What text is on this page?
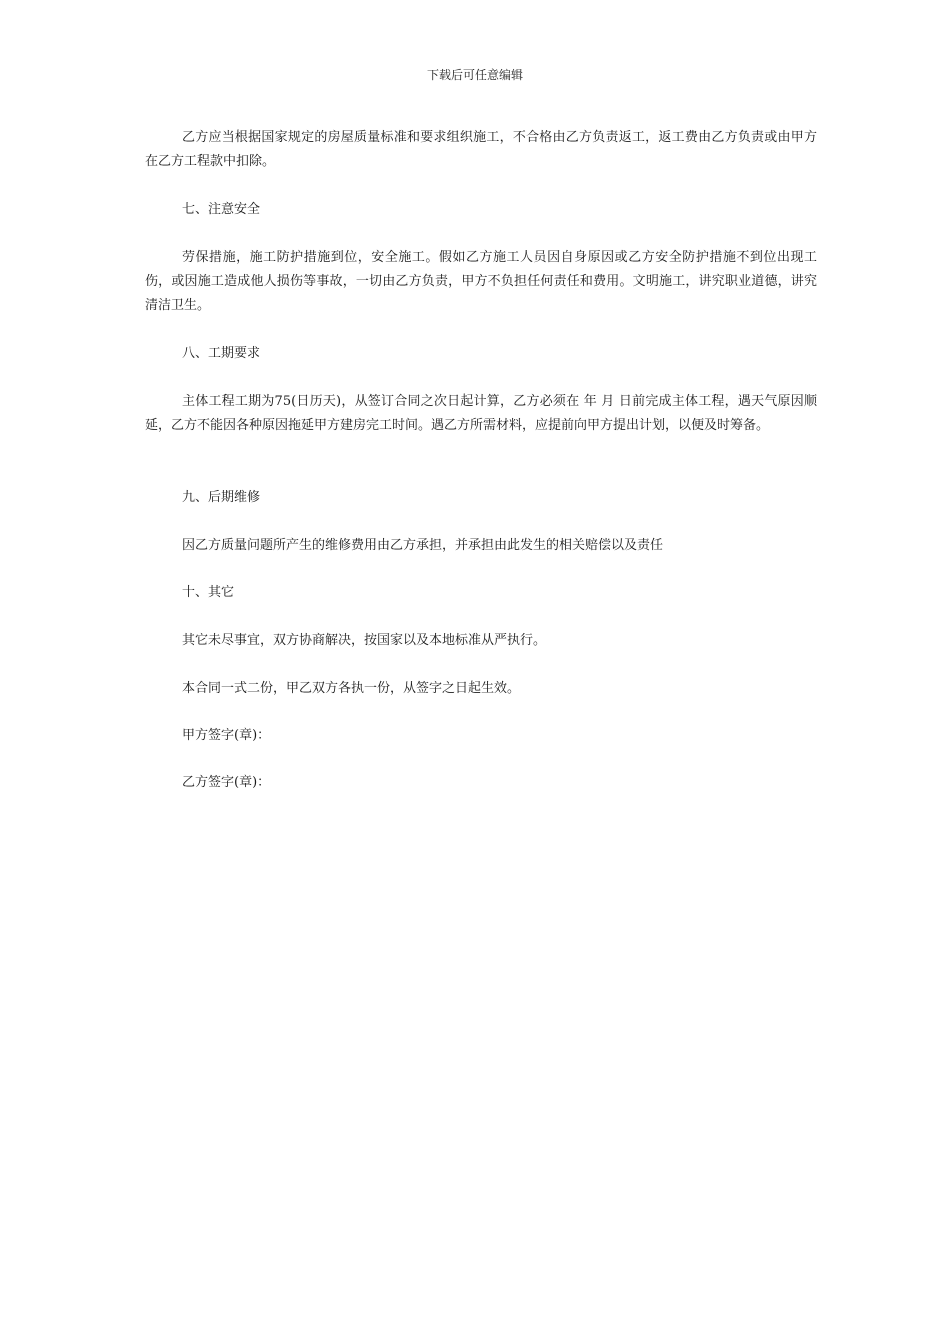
下载后可任意编辑

乙方应当根据国家规定的房屋质量标准和要求组织施工，不合格由乙方负责返工，返工费由乙方负责或由甲方在乙方工程款中扣除。

七、注意安全

劳保措施，施工防护措施到位，安全施工。假如乙方施工人员因自身原因或乙方安全防护措施不到位出现工伤，或因施工造成他人损伤等事故，一切由乙方负责，甲方不负担任何责任和费用。文明施工，讲究职业道德，讲究清洁卫生。

八、工期要求

主体工程工期为75(日历天)，从签订合同之次日起计算，乙方必须在 年 月 日前完成主体工程，遇天气原因顺延，乙方不能因各种原因拖延甲方建房完工时间。遇乙方所需材料，应提前向甲方提出计划，以便及时筹备。

九、后期维修

因乙方质量问题所产生的维修费用由乙方承担，并承担由此发生的相关赔偿以及责任

十、其它

其它未尽事宜，双方协商解决，按国家以及本地标准从严执行。

本合同一式二份，甲乙双方各执一份，从签字之日起生效。

甲方签字(章)：

乙方签字(章)：
